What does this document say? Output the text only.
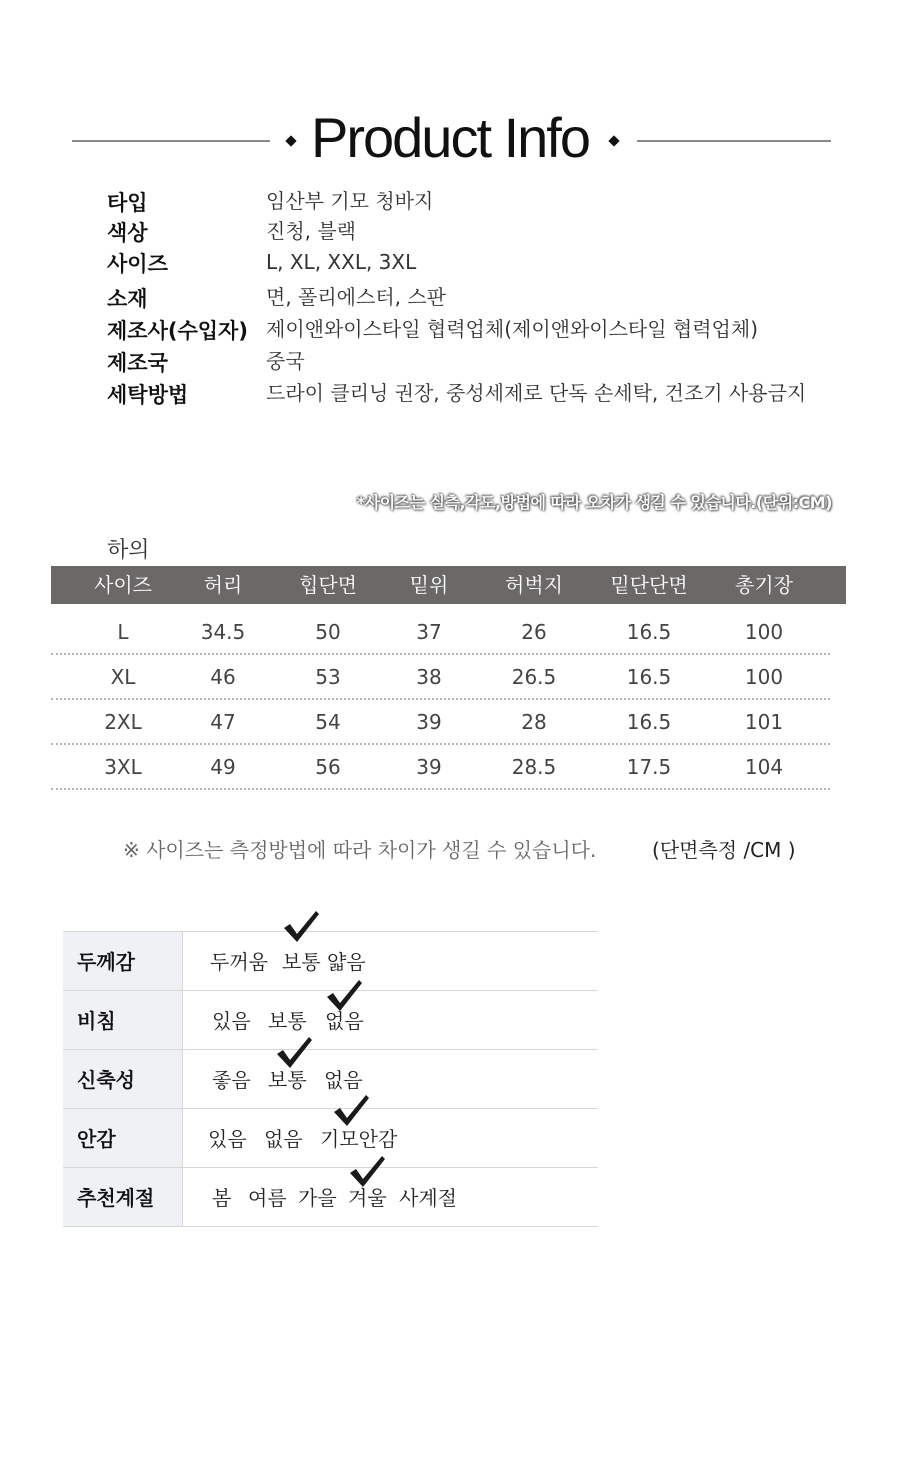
Product Info
타입	임산부 기모 청바지
색상	진청, 블랙
사이즈	L, XL, XXL, 3XL
소재	면, 폴리에스터, 스판
제조사(수입자) 제이앤와이스타일 협력업체(제이앤와이스타일 협력업체)
제조국	중국
세탁방법	드라이 클리닝 권장, 중성세제로 단독 손세탁, 건조기 사용금지
*사이즈는 실측,각도,방법에 따라 오차가 생길 수 있습니다.(단위:CM)
하의
사이즈	허리	힙단면	밑위	허벅지	밑단단면	총기장
L	34.5	50	37	26	16.5	100
XL	46	53	38	26.5	16.5	100
2XL	47	54	39	28	16.5	101
3XL	49	56	39	28.5	17.5	104
※ 사이즈는 측정방법에 따라 차이가 생길 수 있습니다.	(단면측정 /CM )
두께감	두꺼움 보통 얇음
비침	있음 보통 없음
신축성	좋음 보통 없음
안감	있음 없음 기모안감
추천계절	봄 여름 가을 겨울 사계절
